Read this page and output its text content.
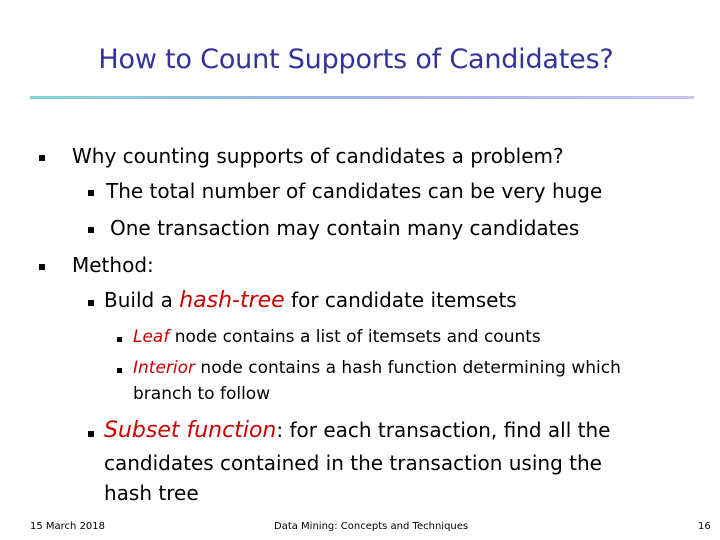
How to Count Supports of Candidates?
Why counting supports of candidates a problem?
The total number of candidates can be very huge
One transaction may contain many candidates
Method:
Build a hash-tree for candidate itemsets
Leaf node contains a list of itemsets and counts
Interior node contains a hash function determining which
branch to follow
Subset function: for each transaction, find all the
candidates contained in the transaction using the
hash tree
15 March 2018	Data Mining: Concepts and Techniques	16
